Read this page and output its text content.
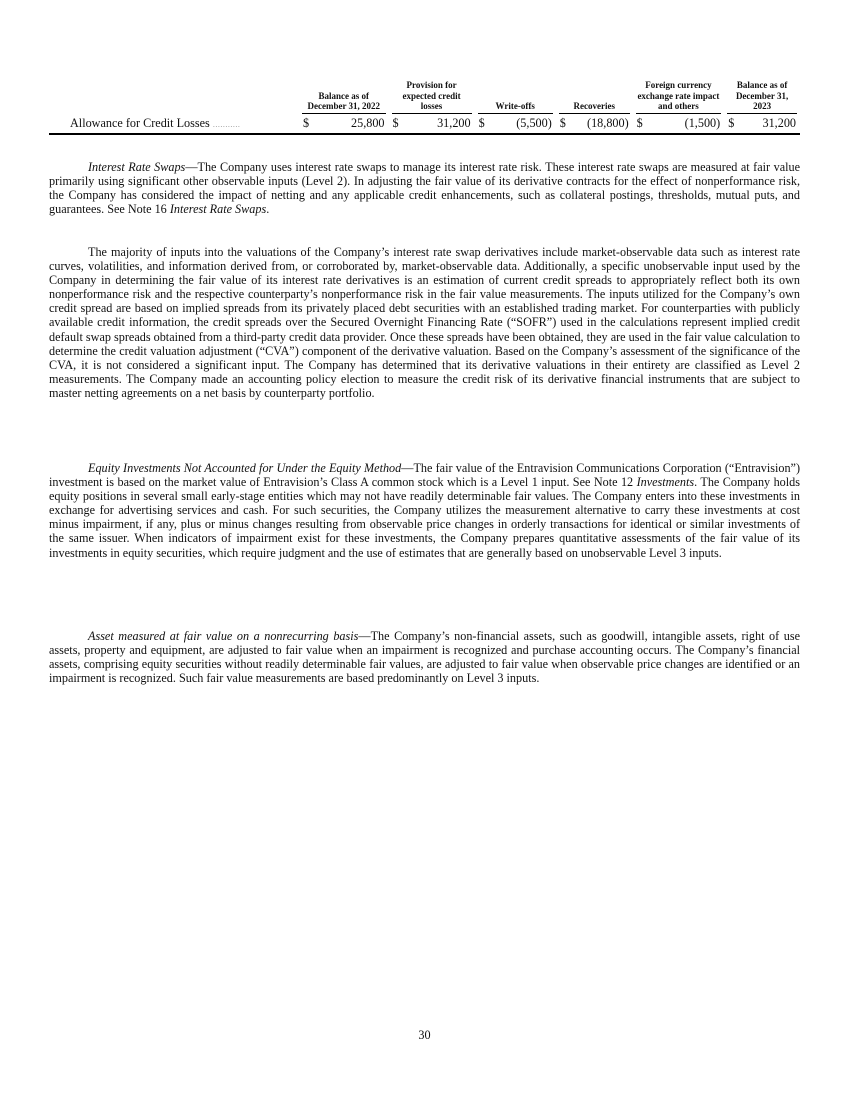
	Balance as of December 31, 2022		Provision for expected credit losses		Write-offs		Recoveries		Foreign currency exchange rate impact and others		Balance as of December 31, 2023	

Allowance for Credit Losses ...........	$	25,800	$	31,200	$	(5,500)	$	(18,800)	$	(1,500)	$	31,200

Interest Rate Swaps—The Company uses interest rate swaps to manage its interest rate risk. These interest rate swaps are measured at fair value primarily using significant other observable inputs (Level 2). In adjusting the fair value of its derivative contracts for the effect of nonperformance risk, the Company has considered the impact of netting and any applicable credit enhancements, such as collateral postings, thresholds, mutual puts, and guarantees. See Note 16 Interest Rate Swaps.

The majority of inputs into the valuations of the Company’s interest rate swap derivatives include market-observable data such as interest rate curves, volatilities, and information derived from, or corroborated by, market-observable data. Additionally, a specific unobservable input used by the Company in determining the fair value of its interest rate derivatives is an estimation of current credit spreads to appropriately reflect both its own nonperformance risk and the respective counterparty’s nonperformance risk in the fair value measurements. The inputs utilized for the Company’s own credit spread are based on implied spreads from its privately placed debt securities with an established trading market. For counterparties with publicly available credit information, the credit spreads over the Secured Overnight Financing Rate (“SOFR”) used in the calculations represent implied credit default swap spreads obtained from a third-party credit data provider. Once these spreads have been obtained, they are used in the fair value calculation to determine the credit valuation adjustment (“CVA”) component of the derivative valuation. Based on the Company’s assessment of the significance of the CVA, it is not considered a significant input. The Company has determined that its derivative valuations in their entirety are classified as Level 2 measurements. The Company made an accounting policy election to measure the credit risk of its derivative financial instruments that are subject to master netting agreements on a net basis by counterparty portfolio.

Equity Investments Not Accounted for Under the Equity Method—The fair value of the Entravision Communications Corporation (“Entravision”) investment is based on the market value of Entravision’s Class A common stock which is a Level 1 input. See Note 12 Investments. The Company holds equity positions in several small early-stage entities which may not have readily determinable fair values. The Company enters into these investments in exchange for advertising services and cash. For such securities, the Company utilizes the measurement alternative to carry these investments at cost minus impairment, if any, plus or minus changes resulting from observable price changes in orderly transactions for identical or similar investments of the same issuer. When indicators of impairment exist for these investments, the Company prepares quantitative assessments of the fair value of its investments in equity securities, which require judgment and the use of estimates that are generally based on unobservable Level 3 inputs.

Asset measured at fair value on a nonrecurring basis—The Company’s non-financial assets, such as goodwill, intangible assets, right of use assets, property and equipment, are adjusted to fair value when an impairment is recognized and purchase accounting occurs. The Company’s financial assets, comprising equity securities without readily determinable fair values, are adjusted to fair value when observable price changes are identified or an impairment is recognized. Such fair value measurements are based predominantly on Level 3 inputs.

30
